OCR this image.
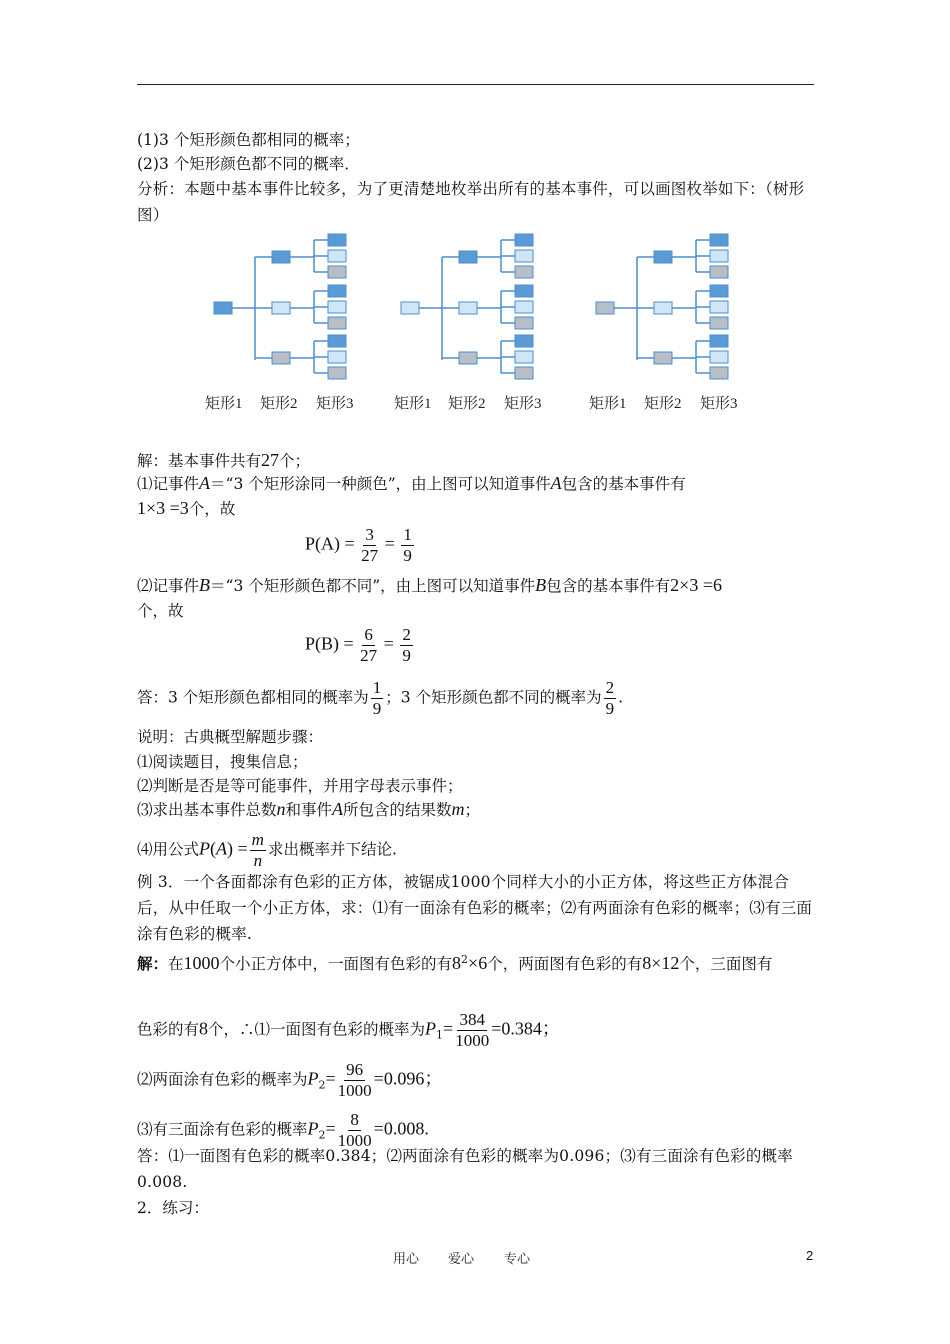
(1)3 个矩形颜色都相同的概率；
(2)3 个矩形颜色都不同的概率．
分析：本题中基本事件比较多，为了更清楚地枚举出所有的基本事件，可以画图枚举如下：（树形图）
矩形1 矩形2 矩形3	矩形1 矩形2 矩形3	矩形1 矩形2 矩形3
解：基本事件共有27个；
⑴记事件A＝“3 个矩形涂同一种颜色”，由上图可以知道事件A包含的基本事件有
1×3 =3个，故
$P(A) = \frac{3}{27} = \frac{1}{9}$
⑵记事件B＝“3 个矩形颜色都不同”，由上图可以知道事件B包含的基本事件有2×3 =6
个，故
$P(B) = \frac{6}{27} = \frac{2}{9}$
答：3 个矩形颜色都相同的概率为 $\frac{1}{9}$ ；3 个矩形颜色都不同的概率为 $\frac{2}{9}$ .
说明：古典概型解题步骤：
⑴阅读题目，搜集信息；
⑵判断是否是等可能事件，并用字母表示事件；
⑶求出基本事件总数n和事件A所包含的结果数m；
⑷用公式$P(A) = \frac{m}{n}$ 求出概率并下结论.
例 3．一个各面都涂有色彩的正方体，被锯成1000个同样大小的小正方体，将这些正方体混合后，从中任取一个小正方体，求：⑴有一面涂有色彩的概率；⑵有两面涂有色彩的概率；⑶有三面涂有色彩的概率.
解：在1000个小正方体中，一面图有色彩的有$8^2\times 6$个，两面图有色彩的有8×12个，三面图有
色彩的有8个，∴⑴一面图有色彩的概率为$P_1= \frac{384}{1000} =0.384$；
⑵两面涂有色彩的概率为$P_2= \frac{96}{1000} =0.096$；
⑶有三面涂有色彩的概率$P_2= \frac{8}{1000} =0.008$.
答：⑴一面图有色彩的概率0.384；⑵两面涂有色彩的概率为0.096；⑶有三面涂有色彩的概率0.008.
2．练习：
用心 爱心 专心	2
